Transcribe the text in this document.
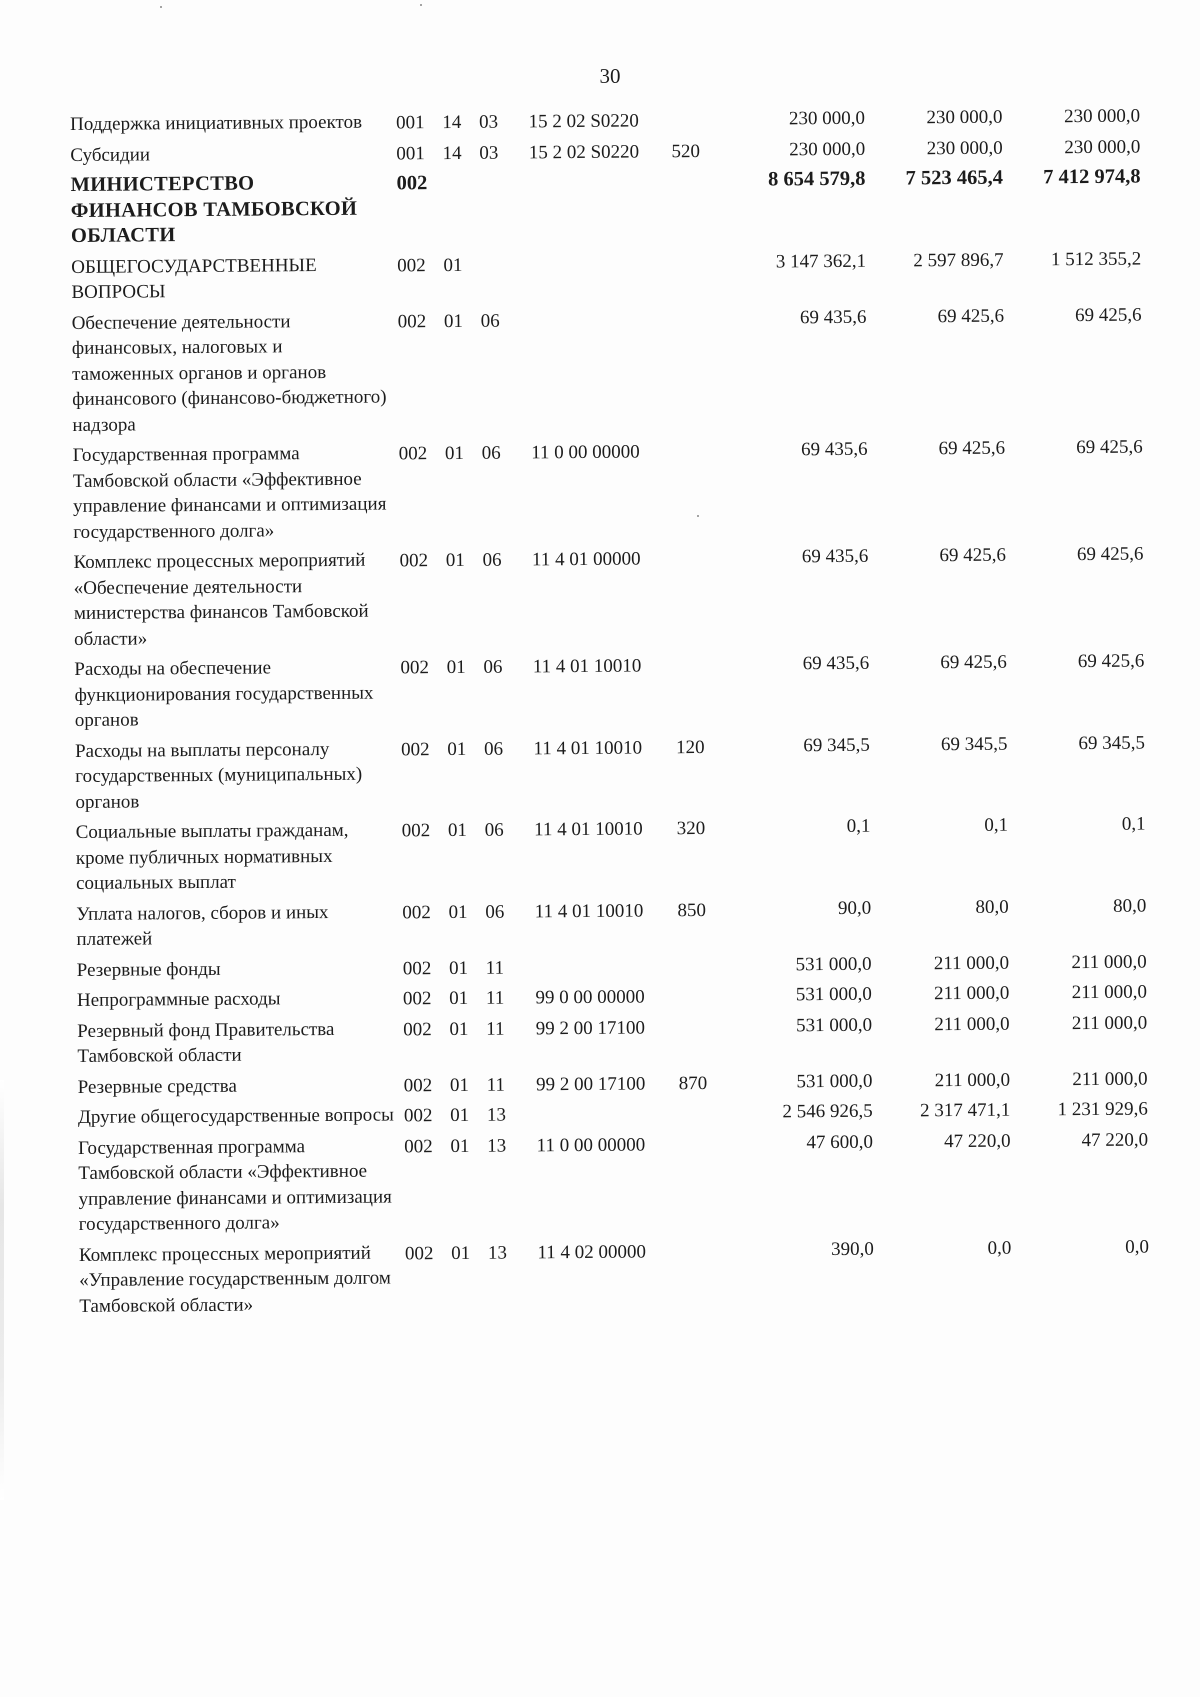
30
Поддержка инициативных проектов	001 14 03	15 2 02 S0220		230 000,0	230 000,0	230 000,0
Субсидии	001 14 03	15 2 02 S0220	520	230 000,0	230 000,0	230 000,0
МИНИСТЕРСТВО ФИНАНСОВ ТАМБОВСКОЙ ОБЛАСТИ	002			8 654 579,8	7 523 465,4	7 412 974,8
ОБЩЕГОСУДАРСТВЕННЫЕ ВОПРОСЫ	002 01			3 147 362,1	2 597 896,7	1 512 355,2
Обеспечение деятельности финансовых, налоговых и таможенных органов и органов финансового (финансово-бюджетного) надзора	002 01 06			69 435,6	69 425,6	69 425,6
Государственная программа Тамбовской области «Эффективное управление финансами и оптимизация государственного долга»	002 01 06	11 0 00 00000		69 435,6	69 425,6	69 425,6
Комплекс процессных мероприятий «Обеспечение деятельности министерства финансов Тамбовской области»	002 01 06	11 4 01 00000		69 435,6	69 425,6	69 425,6
Расходы на обеспечение функционирования государственных органов	002 01 06	11 4 01 10010		69 435,6	69 425,6	69 425,6
Расходы на выплаты персоналу государственных (муниципальных) органов	002 01 06	11 4 01 10010	120	69 345,5	69 345,5	69 345,5
Социальные выплаты гражданам, кроме публичных нормативных социальных выплат	002 01 06	11 4 01 10010	320	0,1	0,1	0,1
Уплата налогов, сборов и иных платежей	002 01 06	11 4 01 10010	850	90,0	80,0	80,0
Резервные фонды	002 01 11			531 000,0	211 000,0	211 000,0
Непрограммные расходы	002 01 11	99 0 00 00000		531 000,0	211 000,0	211 000,0
Резервный фонд Правительства Тамбовской области	002 01 11	99 2 00 17100		531 000,0	211 000,0	211 000,0
Резервные средства	002 01 11	99 2 00 17100	870	531 000,0	211 000,0	211 000,0
Другие общегосударственные вопросы	002 01 13			2 546 926,5	2 317 471,1	1 231 929,6
Государственная программа Тамбовской области «Эффективное управление финансами и оптимизация государственного долга»	002 01 13	11 0 00 00000		47 600,0	47 220,0	47 220,0
Комплекс процессных мероприятий «Управление государственным долгом Тамбовской области»	002 01 13	11 4 02 00000		390,0	0,0	0,0
